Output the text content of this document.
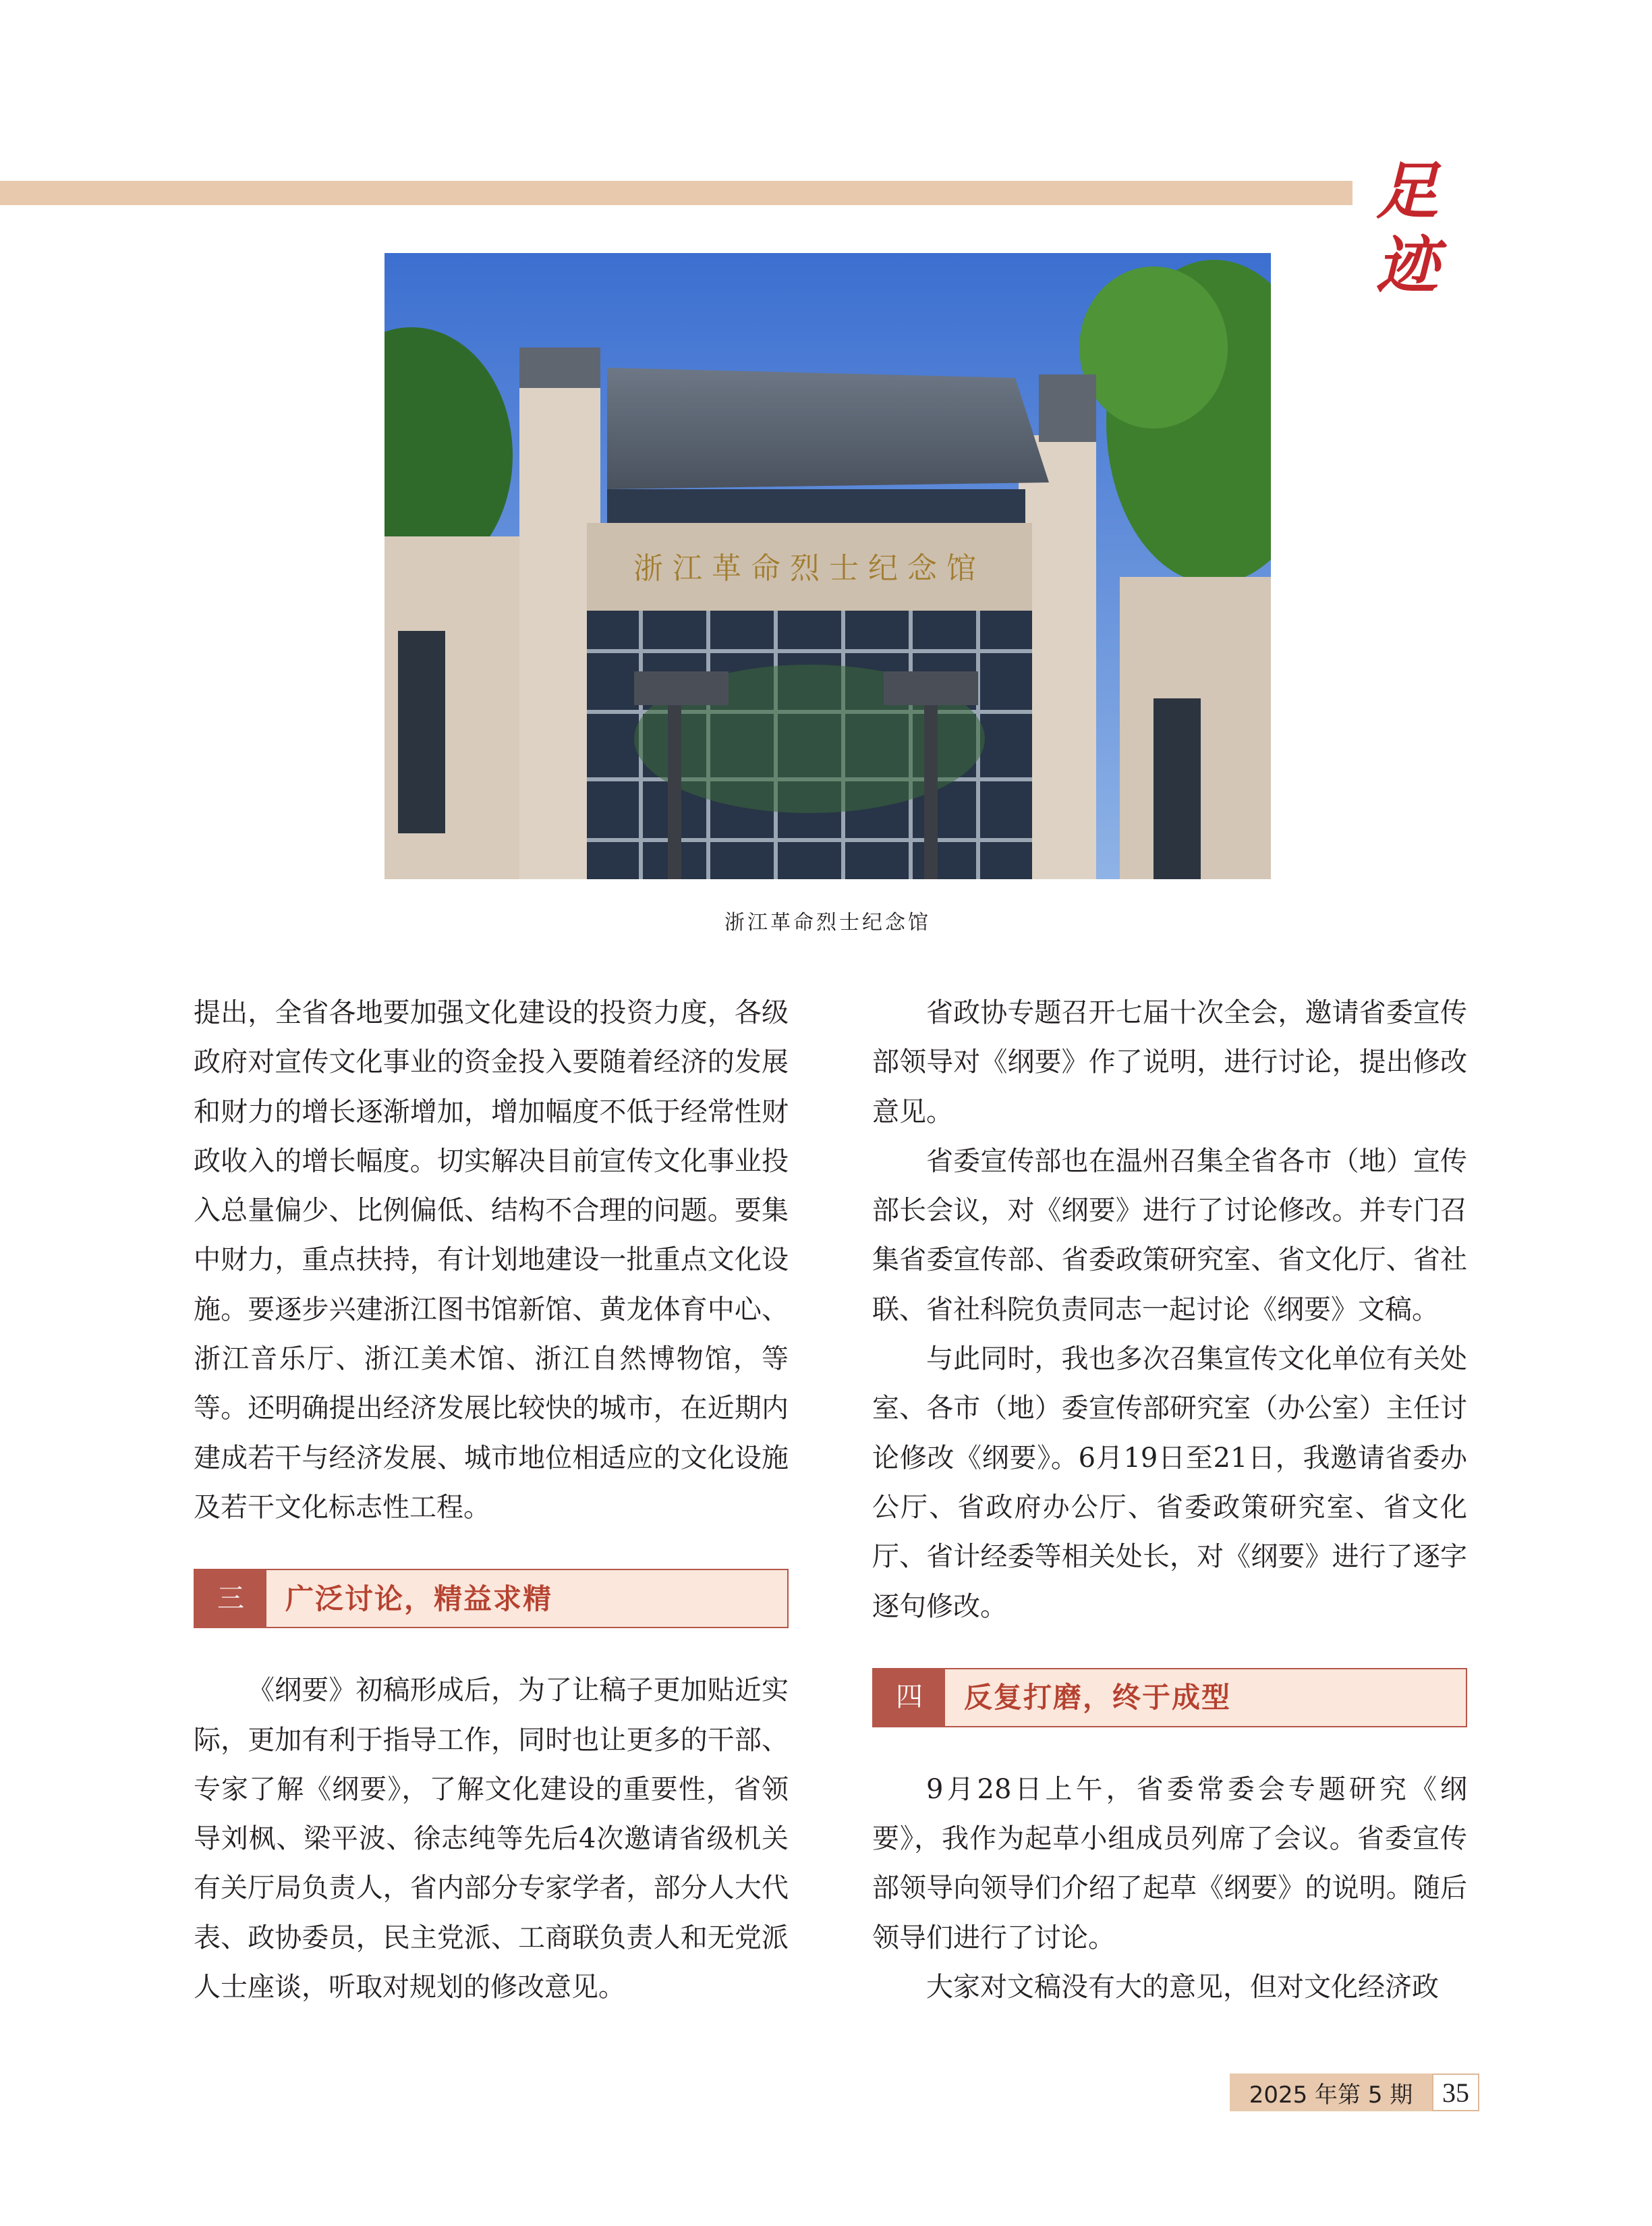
足迹
浙江革命烈士纪念馆
浙江革命烈士纪念馆

提出，全省各地要加强文化建设的投资力度，各级政府对宣传文化事业的资金投入要随着经济的发展和财力的增长逐渐增加，增加幅度不低于经常性财政收入的增长幅度。切实解决目前宣传文化事业投入总量偏少、比例偏低、结构不合理的问题。要集中财力，重点扶持，有计划地建设一批重点文化设施。要逐步兴建浙江图书馆新馆、黄龙体育中心、浙江音乐厅、浙江美术馆、浙江自然博物馆，等等。还明确提出经济发展比较快的城市，在近期内建成若干与经济发展、城市地位相适应的文化设施及若干文化标志性工程。

三	广泛讨论，精益求精

《纲要》初稿形成后，为了让稿子更加贴近实际，更加有利于指导工作，同时也让更多的干部、专家了解《纲要》，了解文化建设的重要性，省领导刘枫、梁平波、徐志纯等先后4次邀请省级机关有关厅局负责人，省内部分专家学者，部分人大代表、政协委员，民主党派、工商联负责人和无党派人士座谈，听取对规划的修改意见。

省政协专题召开七届十次全会，邀请省委宣传部领导对《纲要》作了说明，进行讨论，提出修改意见。

省委宣传部也在温州召集全省各市（地）宣传部长会议，对《纲要》进行了讨论修改。并专门召集省委宣传部、省委政策研究室、省文化厅、省社联、省社科院负责同志一起讨论《纲要》文稿。

与此同时，我也多次召集宣传文化单位有关处室、各市（地）委宣传部研究室（办公室）主任讨论修改《纲要》。6月19日至21日，我邀请省委办公厅、省政府办公厅、省委政策研究室、省文化厅、省计经委等相关处长，对《纲要》进行了逐字逐句修改。

四	反复打磨，终于成型

9月28日上午，省委常委会专题研究《纲要》，我作为起草小组成员列席了会议。省委宣传部领导向领导们介绍了起草《纲要》的说明。随后领导们进行了讨论。

大家对文稿没有大的意见，但对文化经济政

2025 年第 5 期	35
